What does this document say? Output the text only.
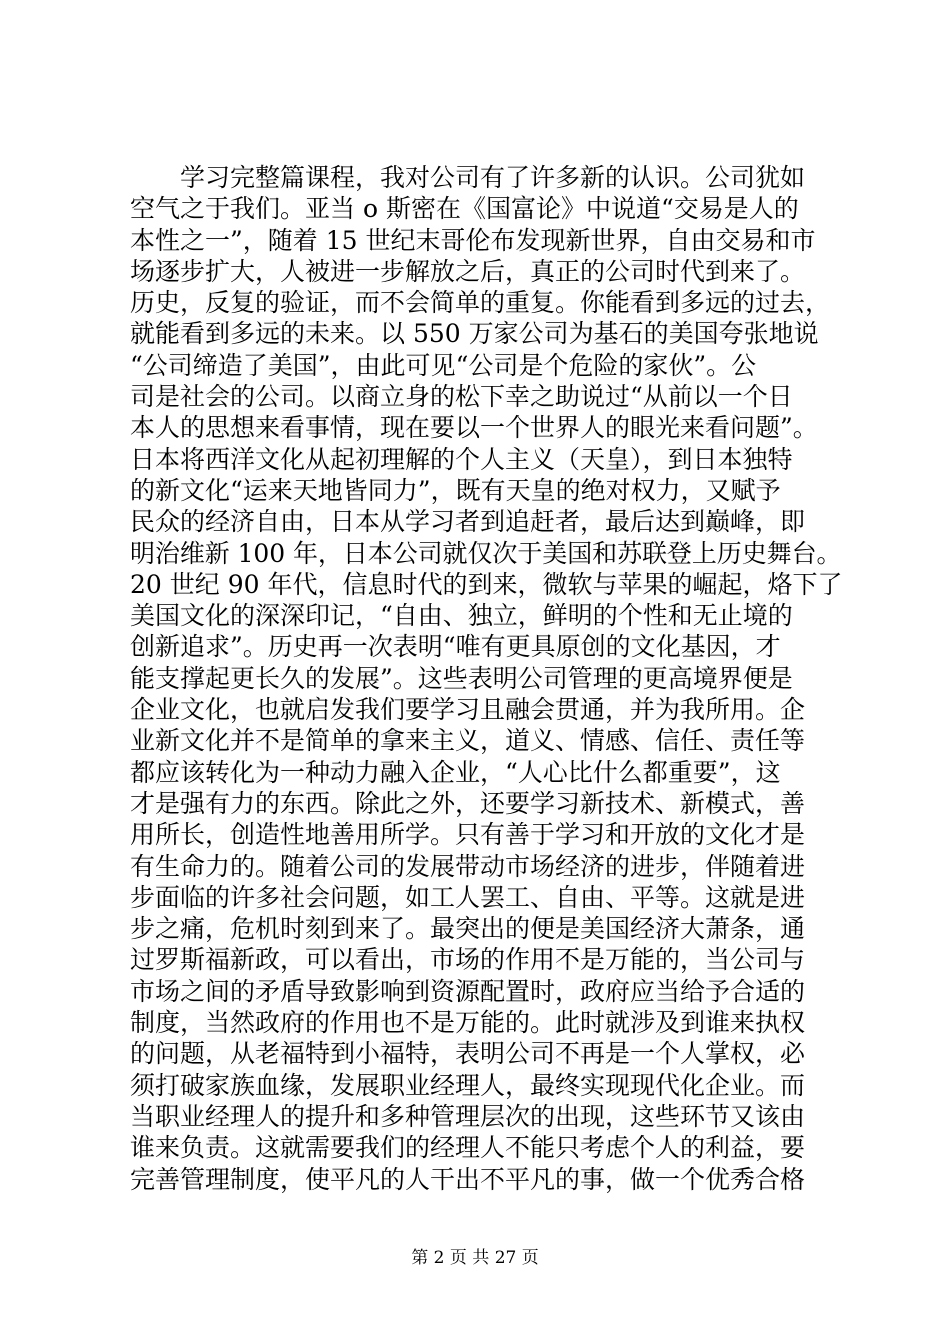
学习完整篇课程，我对公司有了许多新的认识。公司犹如
空气之于我们。亚当 o 斯密在《国富论》中说道“交易是人的
本性之一”，随着 15 世纪末哥伦布发现新世界，自由交易和市
场逐步扩大，人被进一步解放之后，真正的公司时代到来了。
历史，反复的验证，而不会简单的重复。你能看到多远的过去，
就能看到多远的未来。以 550 万家公司为基石的美国夸张地说
“公司缔造了美国”，由此可见“公司是个危险的家伙”。公
司是社会的公司。以商立身的松下幸之助说过“从前以一个日
本人的思想来看事情，现在要以一个世界人的眼光来看问题”。
日本将西洋文化从起初理解的个人主义（天皇），到日本独特
的新文化“运来天地皆同力”，既有天皇的绝对权力，又赋予
民众的经济自由，日本从学习者到追赶者，最后达到巅峰，即
明治维新 100 年，日本公司就仅次于美国和苏联登上历史舞台。
20 世纪 90 年代，信息时代的到来，微软与苹果的崛起，烙下了
美国文化的深深印记，“自由、独立，鲜明的个性和无止境的
创新追求”。历史再一次表明“唯有更具原创的文化基因，才
能支撑起更长久的发展”。这些表明公司管理的更高境界便是
企业文化，也就启发我们要学习且融会贯通，并为我所用。企
业新文化并不是简单的拿来主义，道义、情感、信任、责任等
都应该转化为一种动力融入企业，“人心比什么都重要”，这
才是强有力的东西。除此之外，还要学习新技术、新模式，善
用所长，创造性地善用所学。只有善于学习和开放的文化才是
有生命力的。随着公司的发展带动市场经济的进步，伴随着进
步面临的许多社会问题，如工人罢工、自由、平等。这就是进
步之痛，危机时刻到来了。最突出的便是美国经济大萧条，通
过罗斯福新政，可以看出，市场的作用不是万能的，当公司与
市场之间的矛盾导致影响到资源配置时，政府应当给予合适的
制度，当然政府的作用也不是万能的。此时就涉及到谁来执权
的问题，从老福特到小福特，表明公司不再是一个人掌权，必
须打破家族血缘，发展职业经理人，最终实现现代化企业。而
当职业经理人的提升和多种管理层次的出现，这些环节又该由
谁来负责。这就需要我们的经理人不能只考虑个人的利益，要
完善管理制度，使平凡的人干出不平凡的事，做一个优秀合格
第 2 页 共 27 页
